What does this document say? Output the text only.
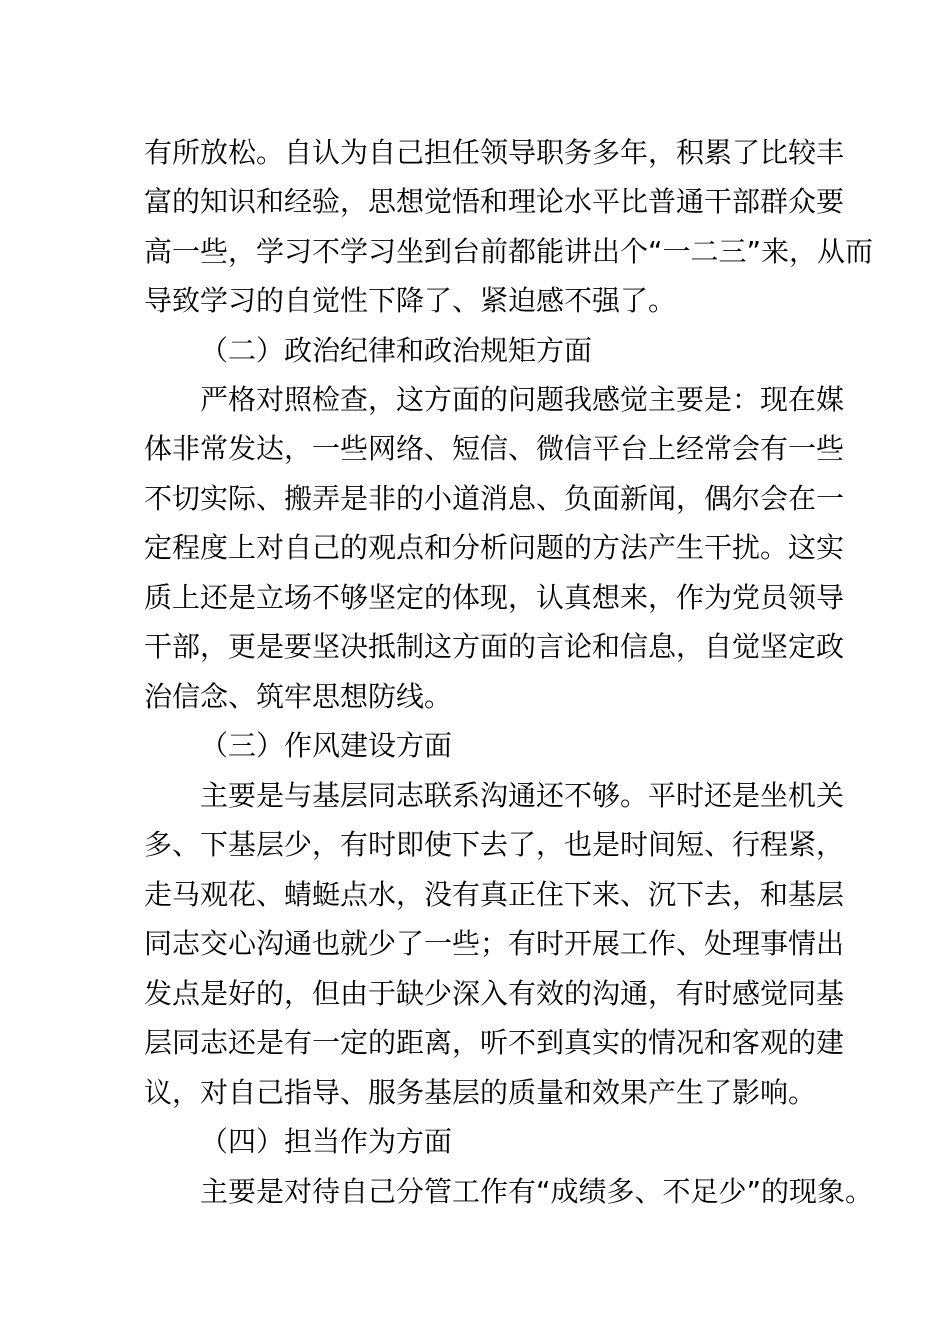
有所放松。自认为自己担任领导职务多年，积累了比较丰
富的知识和经验，思想觉悟和理论水平比普通干部群众要
高一些，学习不学习坐到台前都能讲出个“一二三”来，从而
导致学习的自觉性下降了、紧迫感不强了。
（二）政治纪律和政治规矩方面
严格对照检查，这方面的问题我感觉主要是：现在媒
体非常发达，一些网络、短信、微信平台上经常会有一些
不切实际、搬弄是非的小道消息、负面新闻，偶尔会在一
定程度上对自己的观点和分析问题的方法产生干扰。这实
质上还是立场不够坚定的体现，认真想来，作为党员领导
干部，更是要坚决抵制这方面的言论和信息，自觉坚定政
治信念、筑牢思想防线。
（三）作风建设方面
主要是与基层同志联系沟通还不够。平时还是坐机关
多、下基层少，有时即使下去了，也是时间短、行程紧，
走马观花、蜻蜓点水，没有真正住下来、沉下去，和基层
同志交心沟通也就少了一些；有时开展工作、处理事情出
发点是好的，但由于缺少深入有效的沟通，有时感觉同基
层同志还是有一定的距离，听不到真实的情况和客观的建
议，对自己指导、服务基层的质量和效果产生了影响。
（四）担当作为方面
主要是对待自己分管工作有“成绩多、不足少”的现象。
